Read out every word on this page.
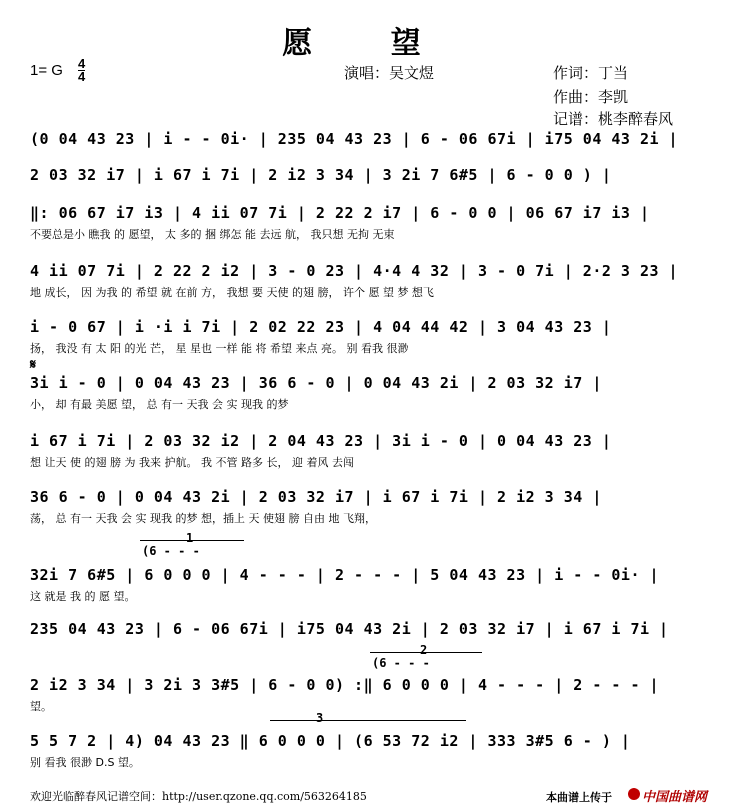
愿 望
1= G 4
4	演唱：吴文煜	作词：丁当
作曲：李凯
记谱：桃李醉春风
(0 04 43 23 | i - - 0i· | 235 04 43 23 | 6 - 06 67i | i75 04 43 2i |
2 03 32 i7 | i 67 i 7i | 2 i2 3 34 | 3 2i 7 6#5 | 6 - 0 0 ) |
‖: 06 67 i7 i3 | 4 ii 07 7i | 2 22 2 i7 | 6 - 0 0 | 06 67 i7 i3 |
不要总是小 瞧我 的 愿望， 太 多的 捆 绑怎 能 去远 航， 我只想 无拘 无束
4 ii 07 7i | 2 22 2 i2 | 3 - 0 23 | 4·4 4 32 | 3 - 0 7i | 2·2 3 23 |
地 成长， 因 为我 的 希望 就 在前 方， 我想 要 天使 的翅 膀， 许个 愿 望 梦 想飞
i - 0 67 | i ·i i 7i | 2 02 22 23 | 4 04 44 42 | 3 04 43 23 |
扬， 我没 有 太 阳 的光 芒， 星 星也 一样 能 将 希望 来点 亮。 别 看我 很渺
𝄋
3i i - 0 | 0 04 43 23 | 36 6 - 0 | 0 04 43 2i | 2 03 32 i7 |
小， 却 有最 美愿 望， 总 有一 天我 会 实 现我 的梦
i 67 i 7i | 2 03 32 i2 | 2 04 43 23 | 3i i - 0 | 0 04 43 23 |
想 让天 使 的翅 膀 为 我来 护航。 我 不管 路多 长， 迎 着风 去闯
36 6 - 0 | 0 04 43 2i | 2 03 32 i7 | i 67 i 7i | 2 i2 3 34 |
荡， 总 有一 天我 会 实 现我 的梦 想，插上 天 使翅 膀 自由 地 飞翔，
1
(6 - - -
32i 7 6#5 | 6 0 0 0 | 4 - - - | 2 - - - | 5 04 43 23 | i - - 0i· |
这 就是 我 的 愿 望。
235 04 43 23 | 6 - 06 67i | i75 04 43 2i | 2 03 32 i7 | i 67 i 7i |
2
(6 - - -
2 i2 3 34 | 3 2i 3 3#5 | 6 - 0 0) :‖ 6 0 0 0 | 4 - - - | 2 - - - |
望。
3
5 5 7 2 | 4) 04 43 23 ‖ 6 0 0 0 | (6 53 72 i2 | 333 3#5 6 - ) |
别 看我 很渺 D.S 望。
欢迎光临醉春风记谱空间：http://user.qzone.qq.com/563264185	本曲谱上传于	中国曲谱网
